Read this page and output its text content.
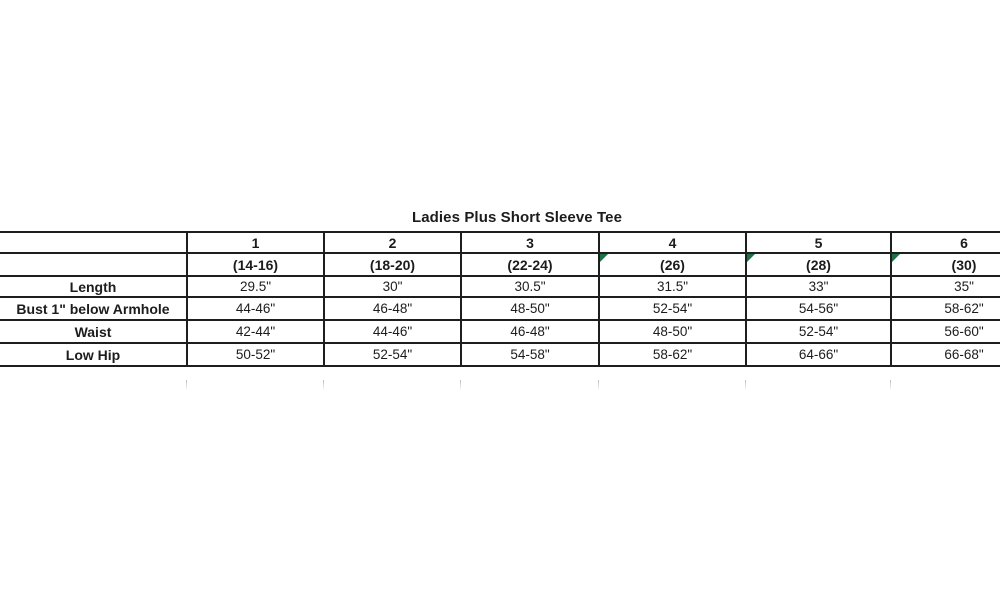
Ladies Plus Short Sleeve Tee
	1	2	3	4	5	6
	(14-16)	(18-20)	(22-24)	(26)	(28)	(30)
Length	29.5"	30"	30.5"	31.5"	33"	35"
Bust 1" below Armhole	44-46"	46-48"	48-50"	52-54"	54-56"	58-62"
Waist	42-44"	44-46"	46-48"	48-50"	52-54"	56-60"
Low Hip	50-52"	52-54"	54-58"	58-62"	64-66"	66-68"
